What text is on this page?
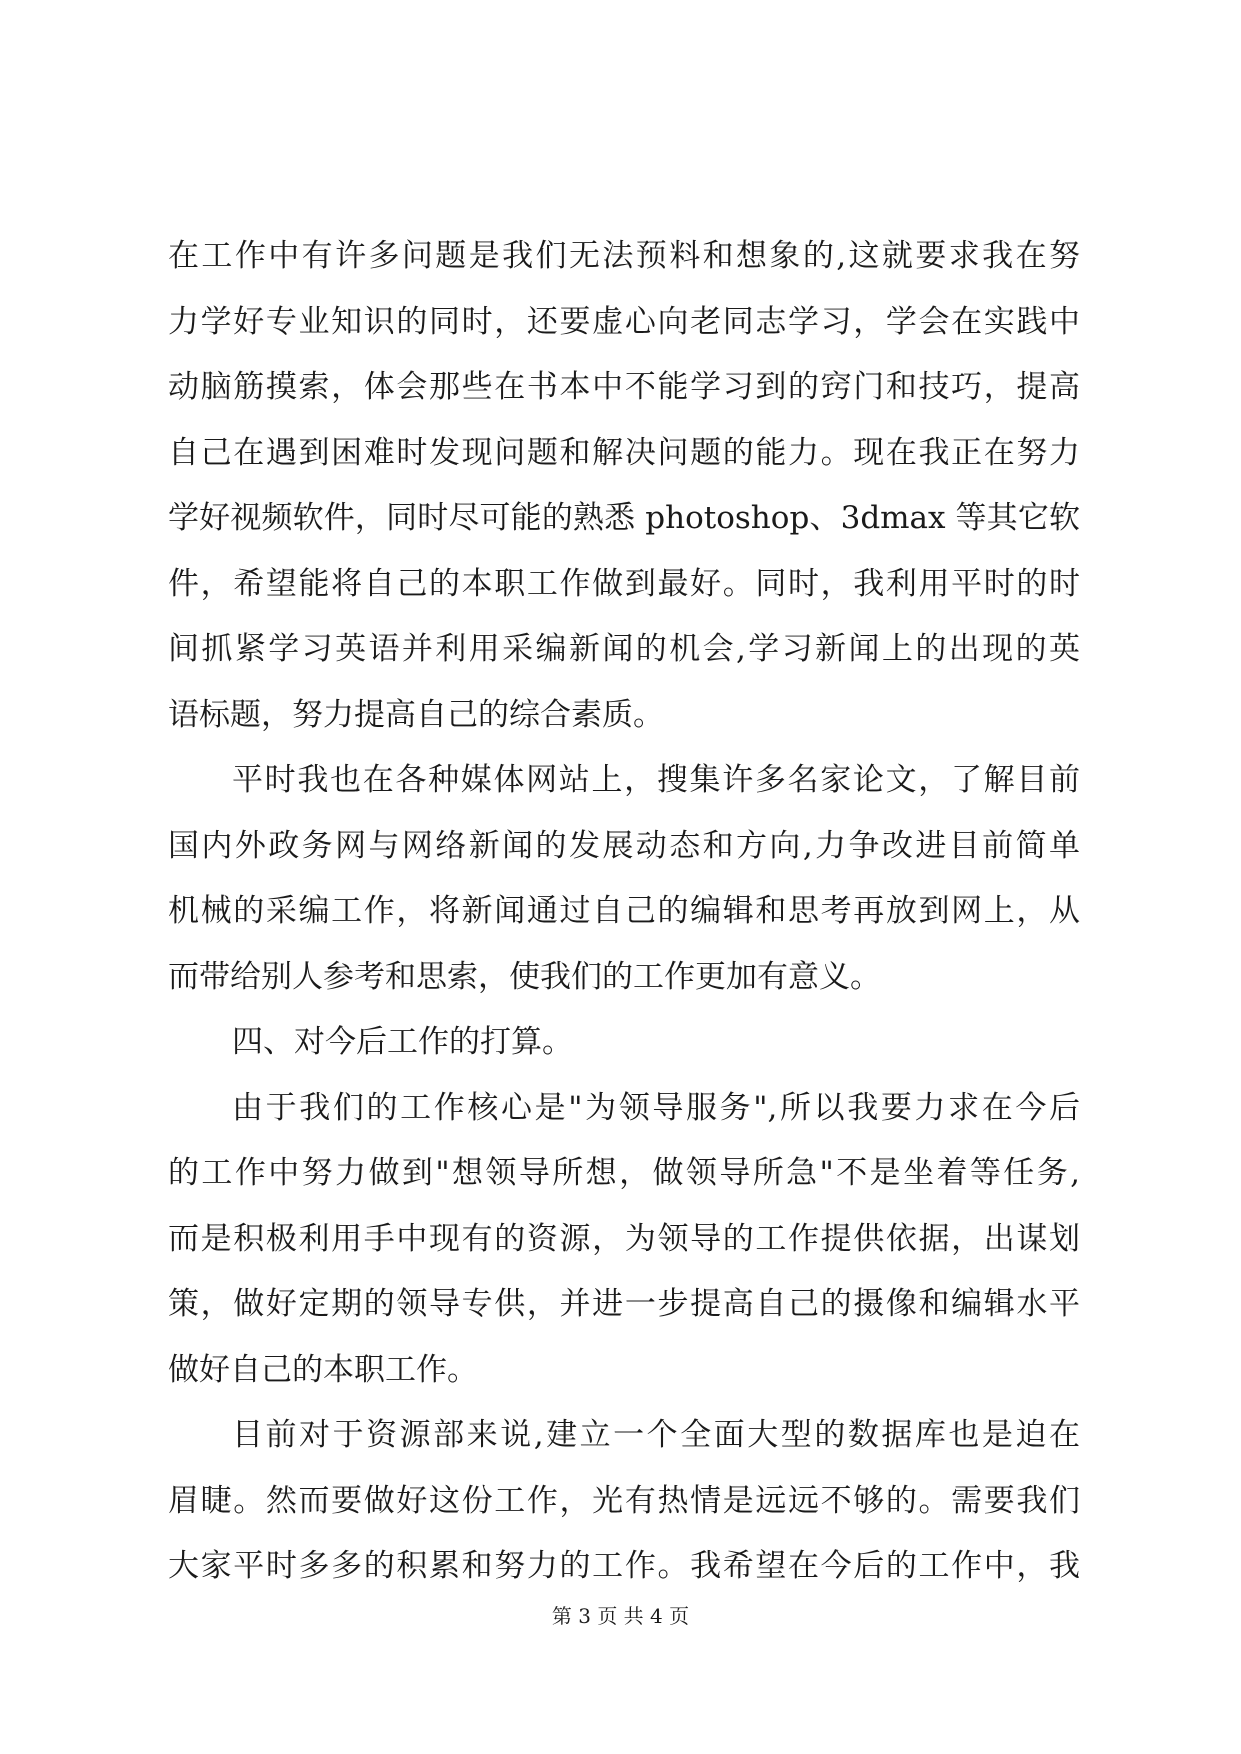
在工作中有许多问题是我们无法预料和想象的,这就要求我在努
力学好专业知识的同时，还要虚心向老同志学习，学会在实践中
动脑筋摸索，体会那些在书本中不能学习到的窍门和技巧，提高
自己在遇到困难时发现问题和解决问题的能力。现在我正在努力
学好视频软件，同时尽可能的熟悉 photoshop、3dmax 等其它软
件，希望能将自己的本职工作做到最好。同时，我利用平时的时
间抓紧学习英语并利用采编新闻的机会,学习新闻上的出现的英
语标题，努力提高自己的综合素质。
平时我也在各种媒体网站上，搜集许多名家论文，了解目前
国内外政务网与网络新闻的发展动态和方向,力争改进目前简单
机械的采编工作，将新闻通过自己的编辑和思考再放到网上，从
而带给别人参考和思索，使我们的工作更加有意义。
四、对今后工作的打算。
由于我们的工作核心是"为领导服务",所以我要力求在今后
的工作中努力做到"想领导所想，做领导所急"不是坐着等任务,
而是积极利用手中现有的资源，为领导的工作提供依据，出谋划
策，做好定期的领导专供，并进一步提高自己的摄像和编辑水平
做好自己的本职工作。
目前对于资源部来说,建立一个全面大型的数据库也是迫在
眉睫。然而要做好这份工作，光有热情是远远不够的。需要我们
大家平时多多的积累和努力的工作。我希望在今后的工作中，我
第 3 页 共 4 页
